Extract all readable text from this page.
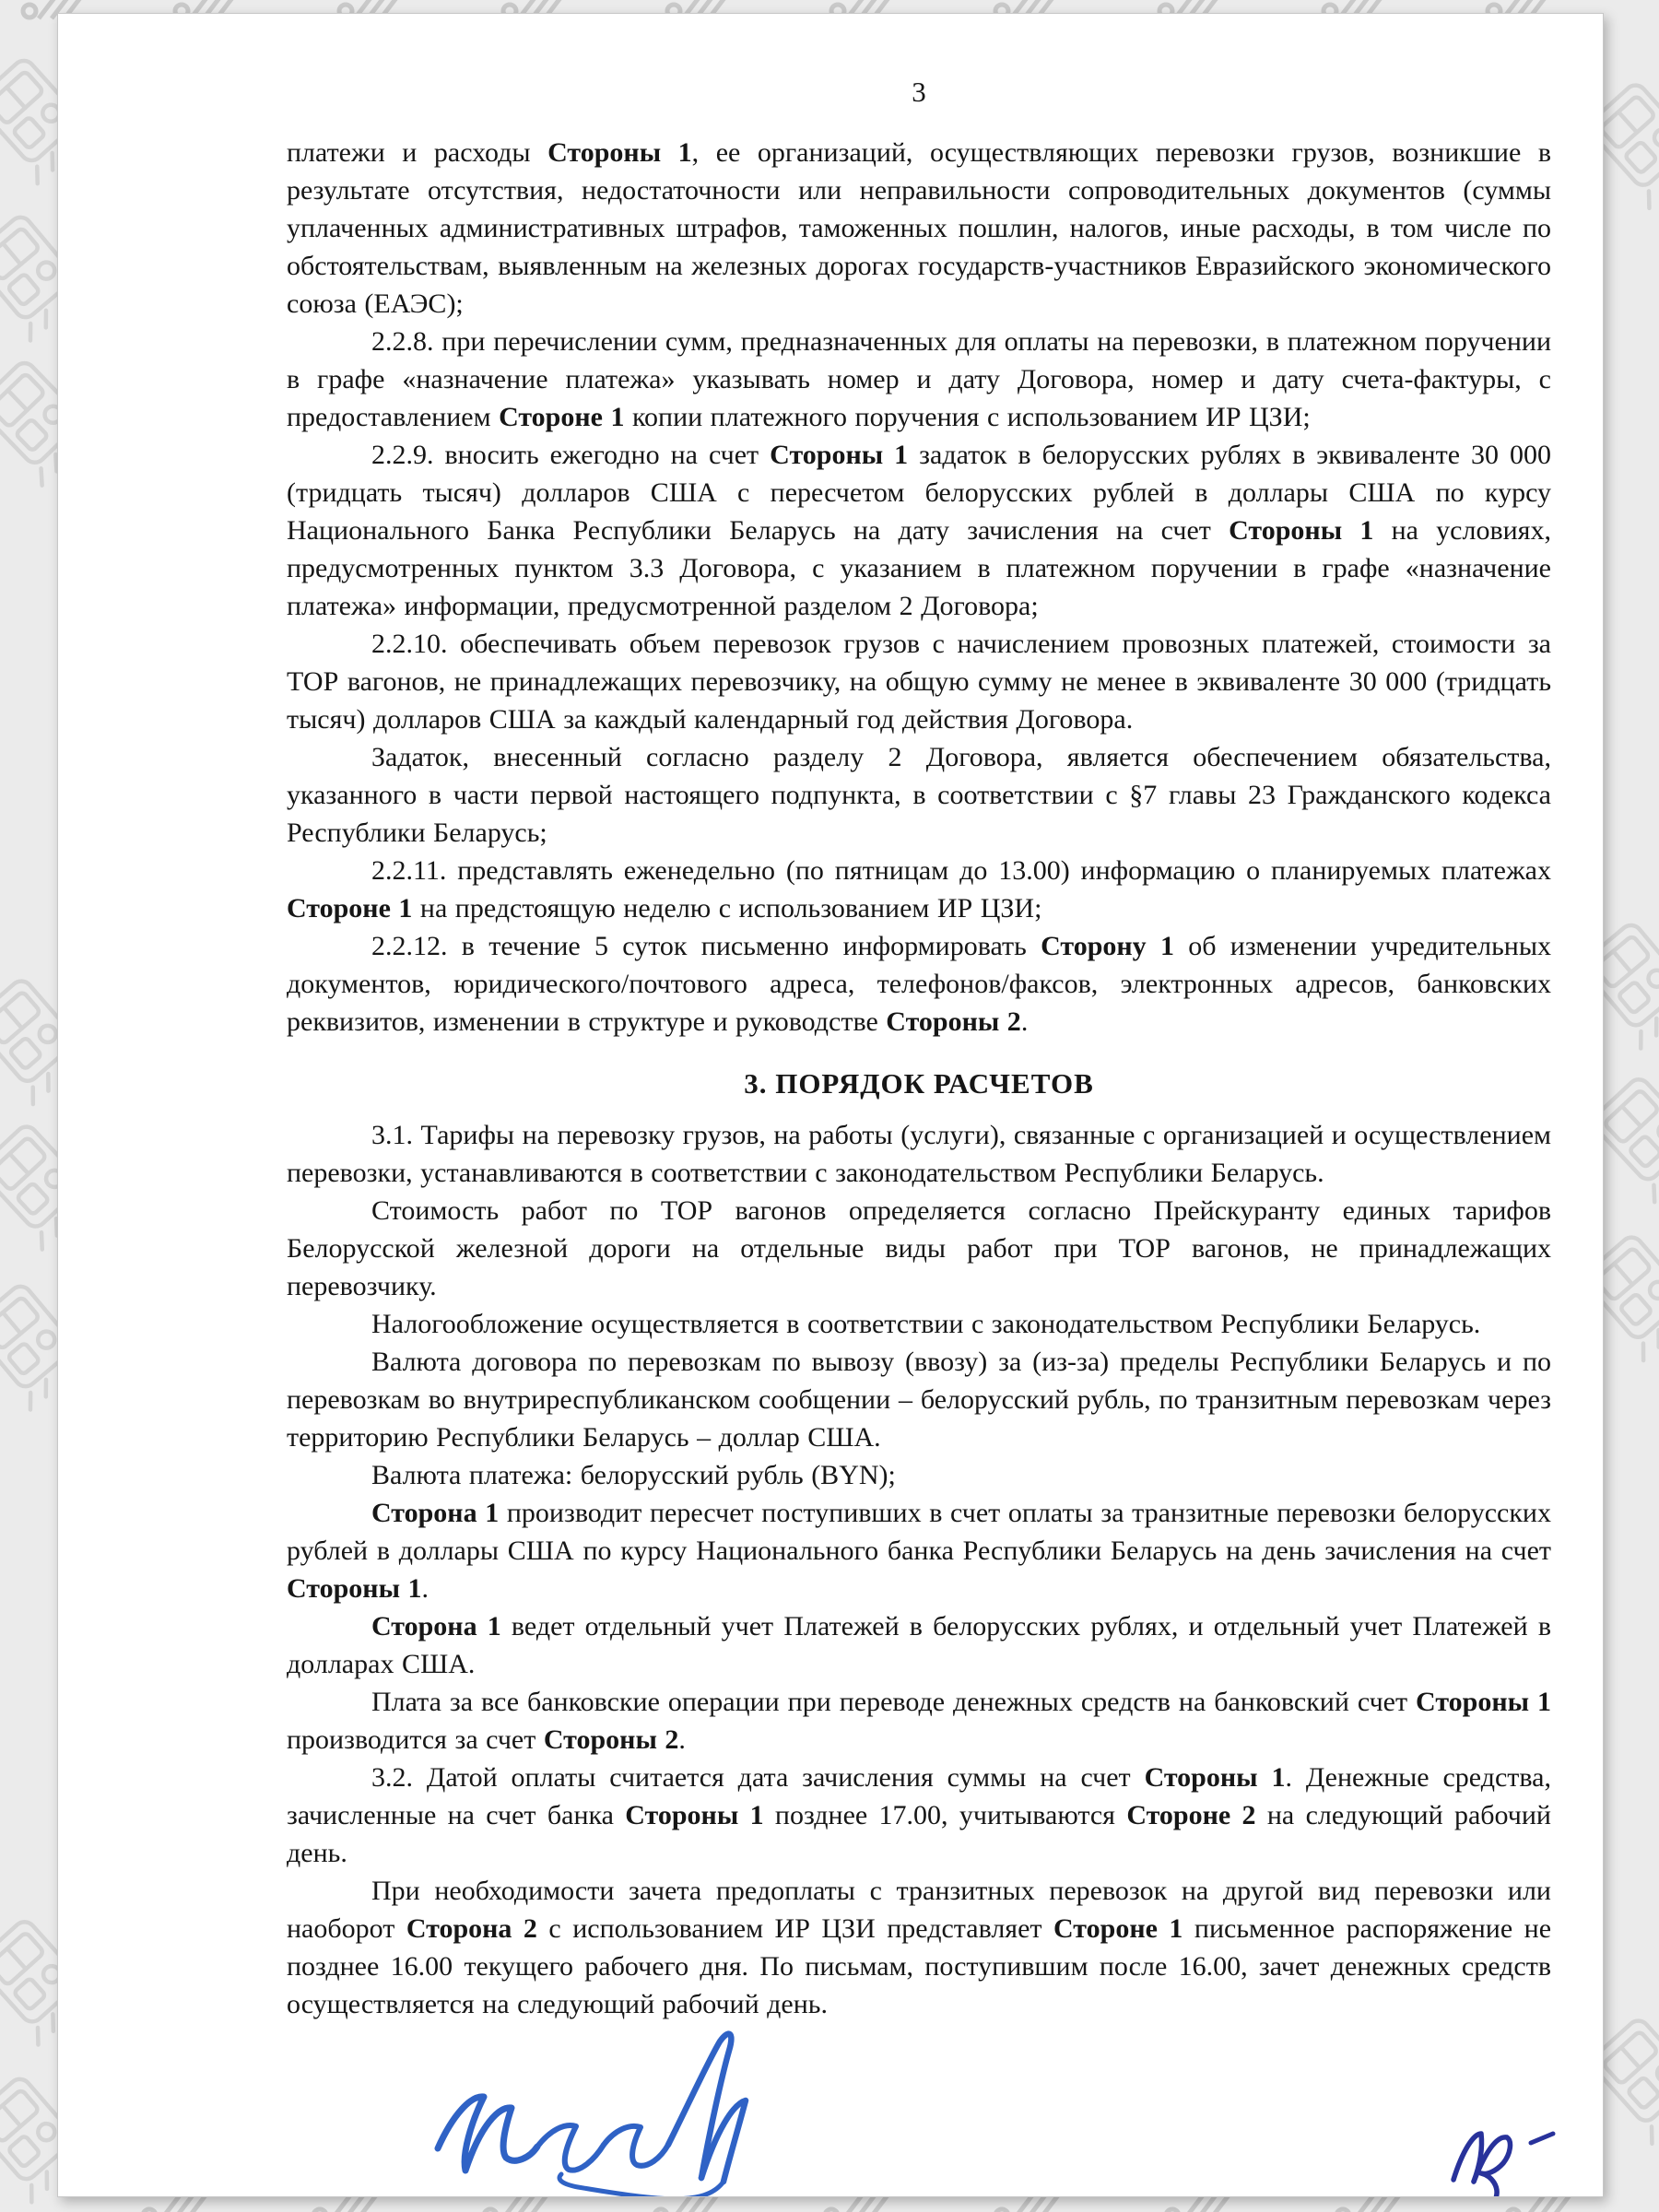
3

платежи и расходы Стороны 1, ее организаций, осуществляющих перевозки грузов, возникшие в результате отсутствия, недостаточности или неправильности сопроводительных документов (суммы уплаченных административных штрафов, таможенных пошлин, налогов, иные расходы, в том числе по обстоятельствам, выявленным на железных дорогах государств-участников Евразийского экономического союза (ЕАЭС);

2.2.8. при перечислении сумм, предназначенных для оплаты на перевозки, в платежном поручении в графе «назначение платежа» указывать номер и дату Договора, номер и дату счета-фактуры, с предоставлением Стороне 1 копии платежного поручения с использованием ИР ЦЗИ;

2.2.9. вносить ежегодно на счет Стороны 1 задаток в белорусских рублях в эквиваленте 30 000 (тридцать тысяч) долларов США с пересчетом белорусских рублей в доллары США по курсу Национального Банка Республики Беларусь на дату зачисления на счет Стороны 1 на условиях, предусмотренных пунктом 3.3 Договора, с указанием в платежном поручении в графе «назначение платежа» информации, предусмотренной разделом 2 Договора;

2.2.10. обеспечивать объем перевозок грузов с начислением провозных платежей, стоимости за ТОР вагонов, не принадлежащих перевозчику, на общую сумму не менее в эквиваленте 30 000 (тридцать тысяч) долларов США за каждый календарный год действия Договора.

Задаток, внесенный согласно разделу 2 Договора, является обеспечением обязательства, указанного в части первой настоящего подпункта, в соответствии с §7 главы 23 Гражданского кодекса Республики Беларусь;

2.2.11. представлять еженедельно (по пятницам до 13.00) информацию о планируемых платежах Стороне 1 на предстоящую неделю с использованием ИР ЦЗИ;

2.2.12. в течение 5 суток письменно информировать Сторону 1 об изменении учредительных документов, юридического/почтового адреса, телефонов/факсов, электронных адресов, банковских реквизитов, изменении в структуре и руководстве Стороны 2.

3. ПОРЯДОК РАСЧЕТОВ

3.1. Тарифы на перевозку грузов, на работы (услуги), связанные с организацией и осуществлением перевозки, устанавливаются в соответствии с законодательством Республики Беларусь.

Стоимость работ по ТОР вагонов определяется согласно Прейскуранту единых тарифов Белорусской железной дороги на отдельные виды работ при ТОР вагонов, не принадлежащих перевозчику.

Налогообложение осуществляется в соответствии с законодательством Республики Беларусь.

Валюта договора по перевозкам по вывозу (ввозу) за (из-за) пределы Республики Беларусь и по перевозкам во внутриреспубликанском сообщении – белорусский рубль, по транзитным перевозкам через территорию Республики Беларусь – доллар США.

Валюта платежа: белорусский рубль (BYN);

Сторона 1 производит пересчет поступивших в счет оплаты за транзитные перевозки белорусских рублей в доллары США по курсу Национального банка Республики Беларусь на день зачисления на счет Стороны 1.

Сторона 1 ведет отдельный учет Платежей в белорусских рублях, и отдельный учет Платежей в долларах США.

Плата за все банковские операции при переводе денежных средств на банковский счет Стороны 1 производится за счет Стороны 2.

3.2. Датой оплаты считается дата зачисления суммы на счет Стороны 1. Денежные средства, зачисленные на счет банка Стороны 1 позднее 17.00, учитываются Стороне 2 на следующий рабочий день.

При необходимости зачета предоплаты с транзитных перевозок на другой вид перевозки или наоборот Сторона 2 с использованием ИР ЦЗИ представляет Стороне 1 письменное распоряжение не позднее 16.00 текущего рабочего дня. По письмам, поступившим после 16.00, зачет денежных средств осуществляется на следующий рабочий день.
